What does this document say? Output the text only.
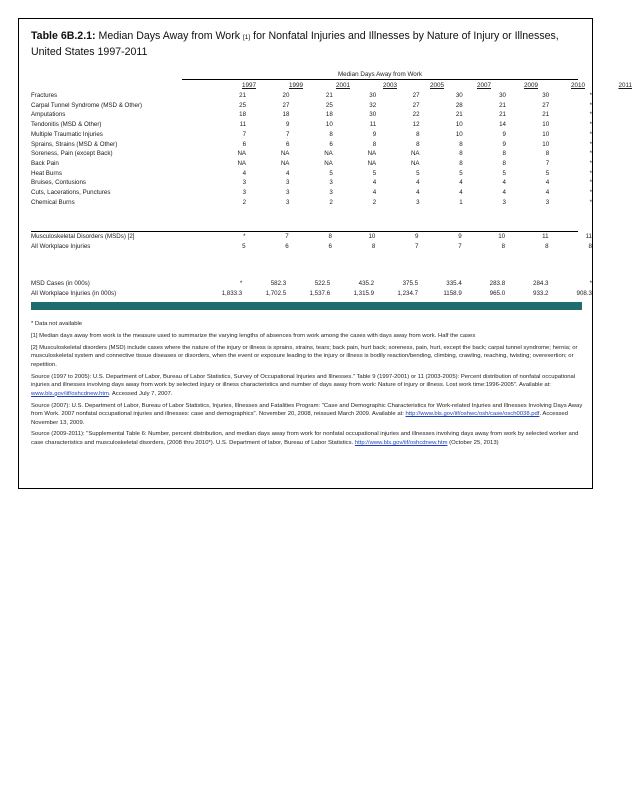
Table 6B.2.1: Median Days Away from Work [1] for Nonfatal Injuries and Illnesses by Nature of Injury or Illnesses, United States 1997-2011
Median Days Away from Work
1997	1999	2001	2003	2005	2007	2009	2010	2011
Fractures	21	20	21	30	27	30	30	30	*
Carpal Tunnel Syndrome (MSD & Other)	25	27	25	32	27	28	21	27	*
Amputations	18	18	18	30	22	21	21	21	*
Tendonitis (MSD & Other)	11	9	10	11	12	10	14	10	*
Multiple Traumatic Injuries	7	7	8	9	8	10	9	10	*
Sprains, Strains (MSD & Other)	6	6	6	8	8	8	9	10	*
Soreness, Pain (except Back)	NA	NA	NA	NA	NA	8	8	8	*
Back Pain	NA	NA	NA	NA	NA	8	8	7	*
Heat Burns	4	4	5	5	5	5	5	5	*
Bruises, Contusions	3	3	3	4	4	4	4	4	*
Cuts, Lacerations, Punctures	3	3	3	4	4	4	4	4	*
Chemical Burns	2	3	2	2	3	1	3	3	*
Musculoskeletal Disorders (MSDs) [2]	*	7	8	10	9	9	10	11	11
All Workplace Injuries	5	6	6	8	7	7	8	8	8
MSD Cases (in 000s)	*	582.3	522.5	435.2	375.5	335.4	283.8	284.3	*
All Workplace Injuries (in 000s)	1,833.3	1,702.5	1,537.6	1,315.9	1,234.7	1158.9	965.0	933.2	908.3

* Data not available

[1] Median days away from work is the measure used to summarize the varying lengths of absences from work among the cases with days away from work. Half the cases

[2] Musculoskeletal disorders (MSD) include cases where the nature of the injury or illness is sprains, strains, tears; back pain, hurt back; soreness, pain, hurt, except the back; carpal tunnel syndrome; hernia; or musculoskeletal system and connective tissue diseases or disorders, when the event or exposure leading to the injury or illness is bodily reaction/bending, climbing, crawling, reaching, twisting; overexertion; or repetition.

Source (1997 to 2005): U.S. Department of Labor, Bureau of Labor Statistics, Survey of Occupational Injuries and Illnesses." Table 9 (1997-2001) or 11 (2003-2005): Percent distribution of nonfatal occupational injuries and illnesses involving days away from work by selected injury or illness characteristics and number of days away from work: Nature of injury or illness. Lost work time:1996-2005". Available at: www.bls.gov/iif/oshcdnew.htm. Accessed July 7, 2007.

Source (2007): U.S. Department of Labor, Bureau of Labor Statistics, Injuries, Illnesses and Fatalities Program: "Case and Demographic Characteristics for Work-related Injuries and Illnesses Involving Days Away from Work. 2007 nonfatal occupational injuries and illnesses: case and demographics". November 20, 2008, reissued March 2009. Available at: http://www.bls.gov/iif/oshwc/osh/case/osch0038.pdf. Accessed November 13, 2009.

Source (2009-2011): "Supplemental Table 6: Number, percent distribution, and median days away from work for nonfatal occupational injuries and illnesses involving days away from work by selected worker and case characteristics and musculoskeletal disorders, (2008 thru 2010*). U.S. Department of labor, Bureau of Labor Statistics. http://www.bls.gov/iif/oshcdnew.htm (October 25, 2013)
